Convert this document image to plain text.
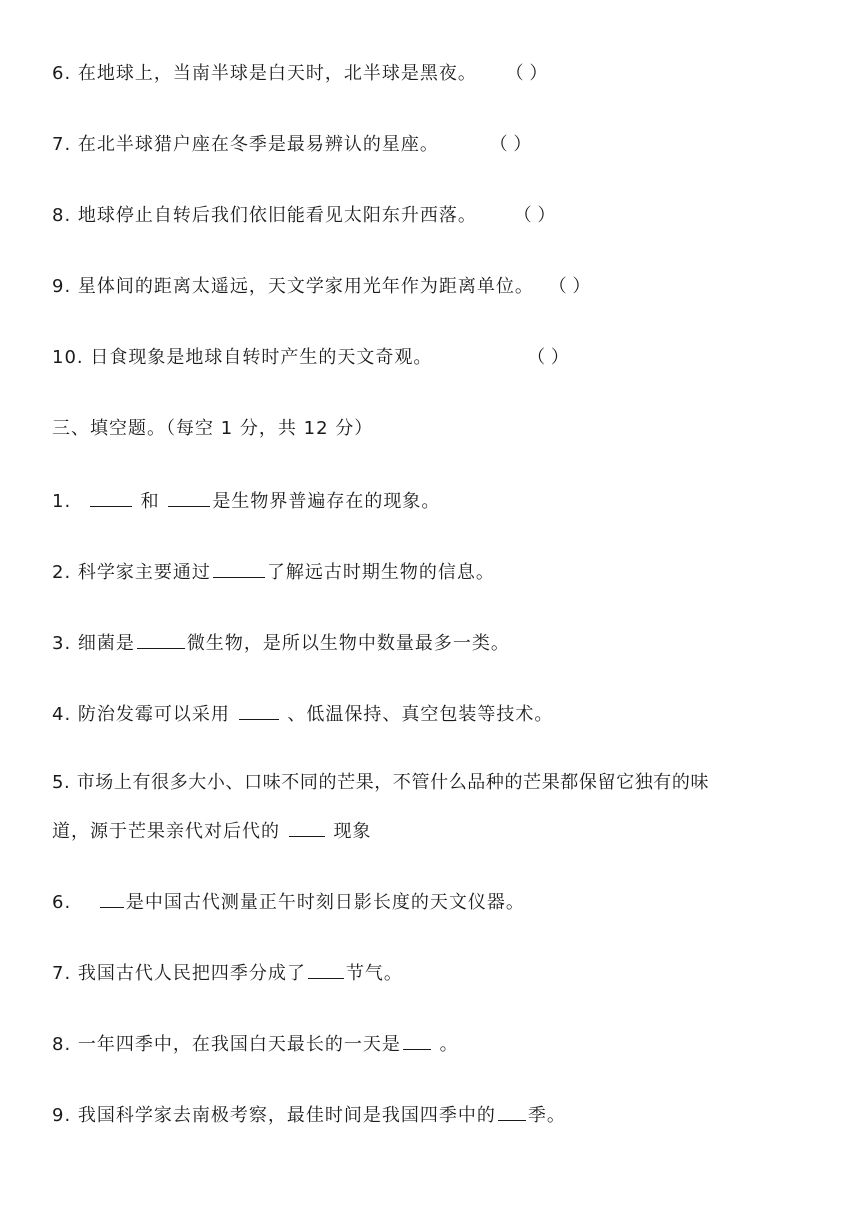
6. 在地球上，当南半球是白天时，北半球是黑夜。 （ ）
7. 在北半球猎户座在冬季是最易辨认的星座。	（ ）
8. 地球停止自转后我们依旧能看见太阳东升西落。 （ ）
9. 星体间的距离太遥远，天文学家用光年作为距离单位。 （ ）
10. 日食现象是地球自转时产生的天文奇观。	（ ）
三、填空题。（每空 1 分，共 12 分）
1.	和	是生物界普遍存在的现象。
2. 科学家主要通过	了解远古时期生物的信息。
3. 细菌是	微生物，是所以生物中数量最多一类。
4. 防治发霉可以采用	、低温保持、真空包装等技术。
5. 市场上有很多大小、口味不同的芒果，不管什么品种的芒果都保留它独有的味
道，源于芒果亲代对后代的	现象
6.	是中国古代测量正午时刻日影长度的天文仪器。
7. 我国古代人民把四季分成了 节气。
8. 一年四季中，在我国白天最长的一天是 。
9. 我国科学家去南极考察，最佳时间是我国四季中的 季。
